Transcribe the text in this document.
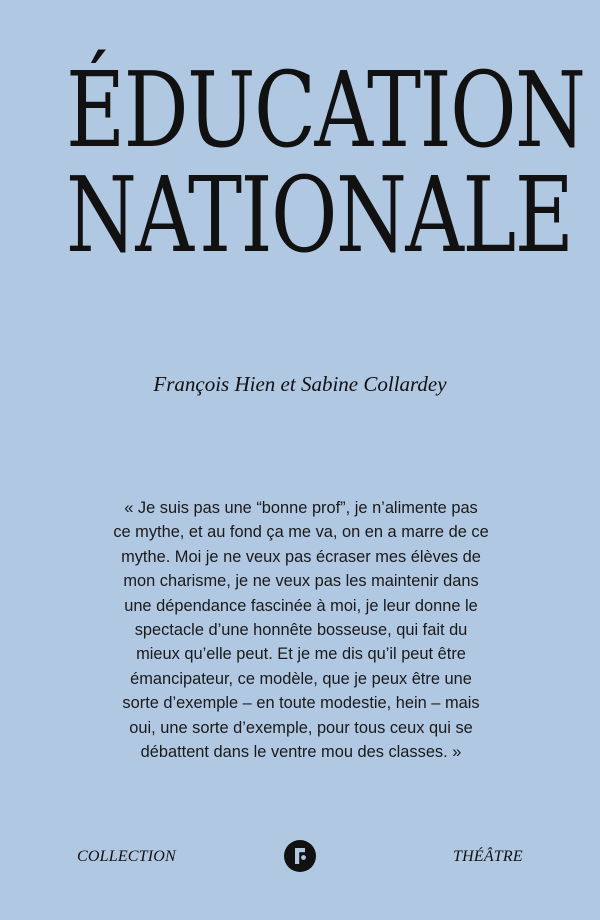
ÉDUCATION
NATIONALE
François Hien et Sabine Collardey
« Je suis pas une “bonne prof”, je n’alimente pas
ce mythe, et au fond ça me va, on en a marre de ce
mythe. Moi je ne veux pas écraser mes élèves de
mon charisme, je ne veux pas les maintenir dans
une dépendance fascinée à moi, je leur donne le
spectacle d’une honnête bosseuse, qui fait du
mieux qu’elle peut. Et je me dis qu’il peut être
émancipateur, ce modèle, que je peux être une
sorte d’exemple – en toute modestie, hein – mais
oui, une sorte d’exemple, pour tous ceux qui se
débattent dans le ventre mou des classes. »
COLLECTION	THÉÂTRE
